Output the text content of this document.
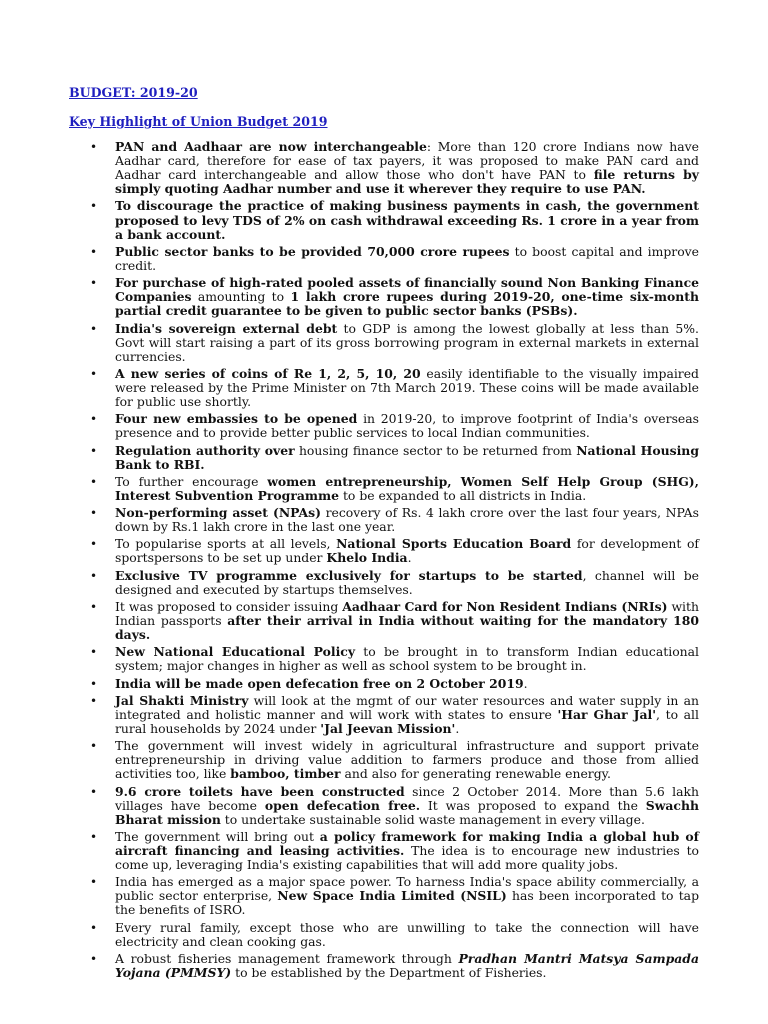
BUDGET: 2019-20
Key Highlight of Union Budget 2019
• PAN and Aadhaar are now interchangeable: More than 120 crore Indians now have Aadhar card, therefore for ease of tax payers, it was proposed to make PAN card and Aadhar card interchangeable and allow those who don't have PAN to file returns by simply quoting Aadhar number and use it wherever they require to use PAN.
• To discourage the practice of making business payments in cash, the government proposed to levy TDS of 2% on cash withdrawal exceeding Rs. 1 crore in a year from a bank account.
• Public sector banks to be provided 70,000 crore rupees to boost capital and improve credit.
• For purchase of high-rated pooled assets of financially sound Non Banking Finance Companies amounting to 1 lakh crore rupees during 2019-20, one-time six-month partial credit guarantee to be given to public sector banks (PSBs).
• India's sovereign external debt to GDP is among the lowest globally at less than 5%. Govt will start raising a part of its gross borrowing program in external markets in external currencies.
• A new series of coins of Re 1, 2, 5, 10, 20 easily identifiable to the visually impaired were released by the Prime Minister on 7th March 2019. These coins will be made available for public use shortly.
• Four new embassies to be opened in 2019-20, to improve footprint of India's overseas presence and to provide better public services to local Indian communities.
• Regulation authority over housing finance sector to be returned from National Housing Bank to RBI.
• To further encourage women entrepreneurship, Women Self Help Group (SHG), Interest Subvention Programme to be expanded to all districts in India.
• Non-performing asset (NPAs) recovery of Rs. 4 lakh crore over the last four years, NPAs down by Rs.1 lakh crore in the last one year.
• To popularise sports at all levels, National Sports Education Board for development of sportspersons to be set up under Khelo India.
• Exclusive TV programme exclusively for startups to be started, channel will be designed and executed by startups themselves.
• It was proposed to consider issuing Aadhaar Card for Non Resident Indians (NRIs) with Indian passports after their arrival in India without waiting for the mandatory 180 days.
• New National Educational Policy to be brought in to transform Indian educational system; major changes in higher as well as school system to be brought in.
• India will be made open defecation free on 2 October 2019.
• Jal Shakti Ministry will look at the mgmt of our water resources and water supply in an integrated and holistic manner and will work with states to ensure 'Har Ghar Jal', to all rural households by 2024 under 'Jal Jeevan Mission'.
• The government will invest widely in agricultural infrastructure and support private entrepreneurship in driving value addition to farmers produce and those from allied activities too, like bamboo, timber and also for generating renewable energy.
• 9.6 crore toilets have been constructed since 2 October 2014. More than 5.6 lakh villages have become open defecation free. It was proposed to expand the Swachh Bharat mission to undertake sustainable solid waste management in every village.
• The government will bring out a policy framework for making India a global hub of aircraft financing and leasing activities. The idea is to encourage new industries to come up, leveraging India's existing capabilities that will add more quality jobs.
• India has emerged as a major space power. To harness India's space ability commercially, a public sector enterprise, New Space India Limited (NSIL) has been incorporated to tap the benefits of ISRO.
• Every rural family, except those who are unwilling to take the connection will have electricity and clean cooking gas.
• A robust fisheries management framework through Pradhan Mantri Matsya Sampada Yojana (PMMSY) to be established by the Department of Fisheries.
